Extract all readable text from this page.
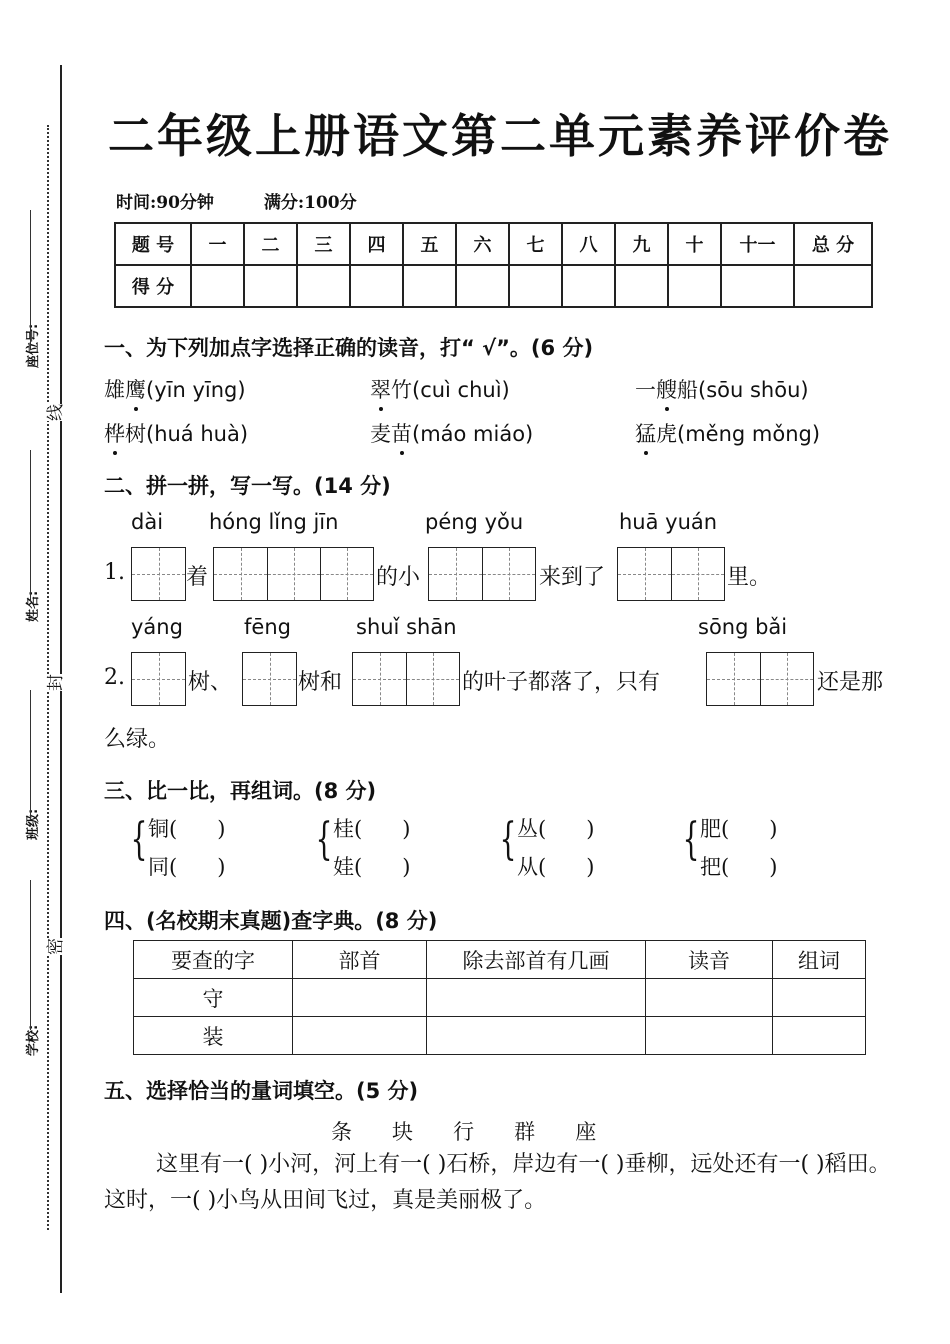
座位号:
线
姓名:
封
班级:
密
学校:
二年级上册语文第二单元素养评价卷
时间:90分钟	满分:100分
题 号	一	二	三	四	五	六	七	八	九	十	十一	总 分
得 分												
一、为下列加点字选择正确的读音，打“ √”。(6 分)
雄鹰(yīn yīng)	翠竹(cuì chuì)	一艘船(sōu shōu)
桦树(huá huà)	麦苗(máo miáo)	猛虎(měng mǒng)
二、拼一拼，写一写。(14 分)
dài hóng lǐng jīn	péng yǒu	huā yuán
1.	着	的小	来到了	里。
yáng	fēng	shuǐ shān	sōng bǎi
2.	树、	树和	的叶子都落了，只有	还是那
么绿。
三、比一比，再组词。(8 分)
{ 铜(      )
同(      )
{ 桂(      )
娃(      )
{ 丛(      )
从(      )
{ 肥(      )
把(      )
四、(名校期末真题)查字典。(8 分)
要查的字	部首	除去部首有几画	读音	组词
守				
装				
五、选择恰当的量词填空。(5 分)
条      块      行      群      座
这里有一( )小河，河上有一( )石桥，岸边有一( )垂柳，远处还有一( )稻田。这时，一( )小鸟从田间飞过，真是美丽极了。
